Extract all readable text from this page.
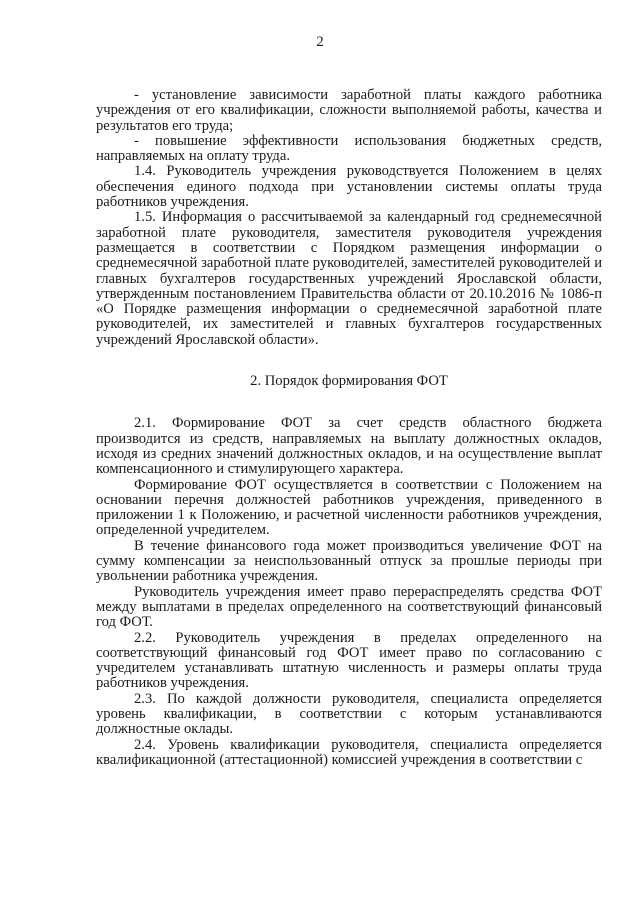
2

- установление зависимости заработной платы каждого работника учреждения от его квалификации, сложности выполняемой работы, качества и результатов его труда;

- повышение эффективности использования бюджетных средств, направляемых на оплату труда.

1.4. Руководитель учреждения руководствуется Положением в целях обеспечения единого подхода при установлении системы оплаты труда работников учреждения.

1.5. Информация о рассчитываемой за календарный год среднемесячной заработной плате руководителя, заместителя руководителя учреждения размещается в соответствии с Порядком размещения информации о среднемесячной заработной плате руководителей, заместителей руководителей и главных бухгалтеров государственных учреждений Ярославской области, утвержденным постановлением Правительства области от 20.10.2016 № 1086-п «О Порядке размещения информации о среднемесячной заработной плате руководителей, их заместителей и главных бухгалтеров государственных учреждений Ярославской области».

2. Порядок формирования ФОТ

2.1. Формирование ФОТ за счет средств областного бюджета производится из средств, направляемых на выплату должностных окладов, исходя из средних значений должностных окладов, и на осуществление выплат компенсационного и стимулирующего характера.

Формирование ФОТ осуществляется в соответствии с Положением на основании перечня должностей работников учреждения, приведенного в приложении 1 к Положению, и расчетной численности работников учреждения, определенной учредителем.

В течение финансового года может производиться увеличение ФОТ на сумму компенсации за неиспользованный отпуск за прошлые периоды при увольнении работника учреждения.

Руководитель учреждения имеет право перераспределять средства ФОТ между выплатами в пределах определенного на соответствующий финансовый год ФОТ.

2.2. Руководитель учреждения в пределах определенного на соответствующий финансовый год ФОТ имеет право по согласованию с учредителем устанавливать штатную численность и размеры оплаты труда работников учреждения.

2.3. По каждой должности руководителя, специалиста определяется уровень квалификации, в соответствии с которым устанавливаются должностные оклады.

2.4. Уровень квалификации руководителя, специалиста определяется квалификационной (аттестационной) комиссией учреждения в соответствии с
